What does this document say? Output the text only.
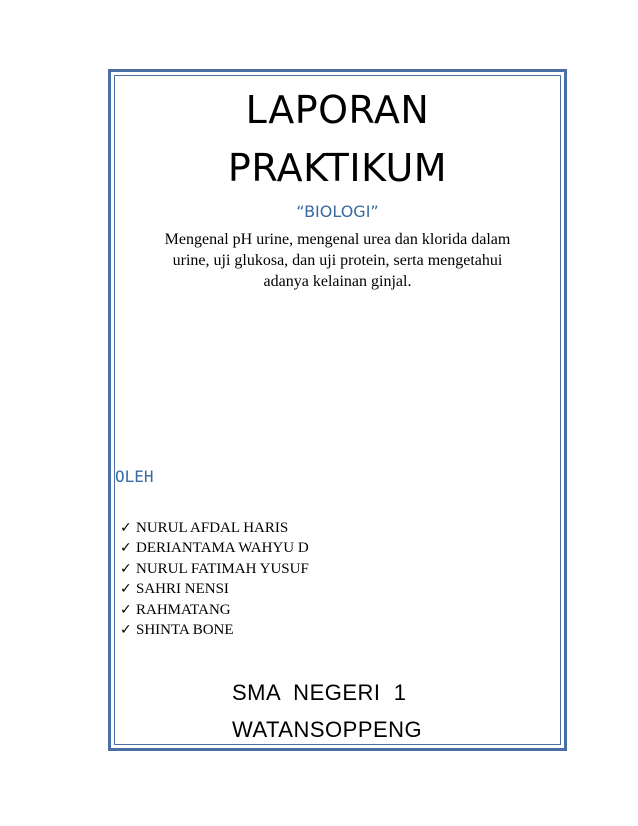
LAPORAN
PRAKTIKUM
“BIOLOGI”
Mengenal pH urine, mengenal urea dan klorida dalam urine, uji glukosa, dan uji protein, serta mengetahui adanya kelainan ginjal.
OLEH
✓ NURUL AFDAL HARIS
✓ DERIANTAMA WAHYU D
✓ NURUL FATIMAH YUSUF
✓ SAHRI NENSI
✓ RAHMATANG
✓ SHINTA BONE
SMA  NEGERI  1
WATANSOPPENG
